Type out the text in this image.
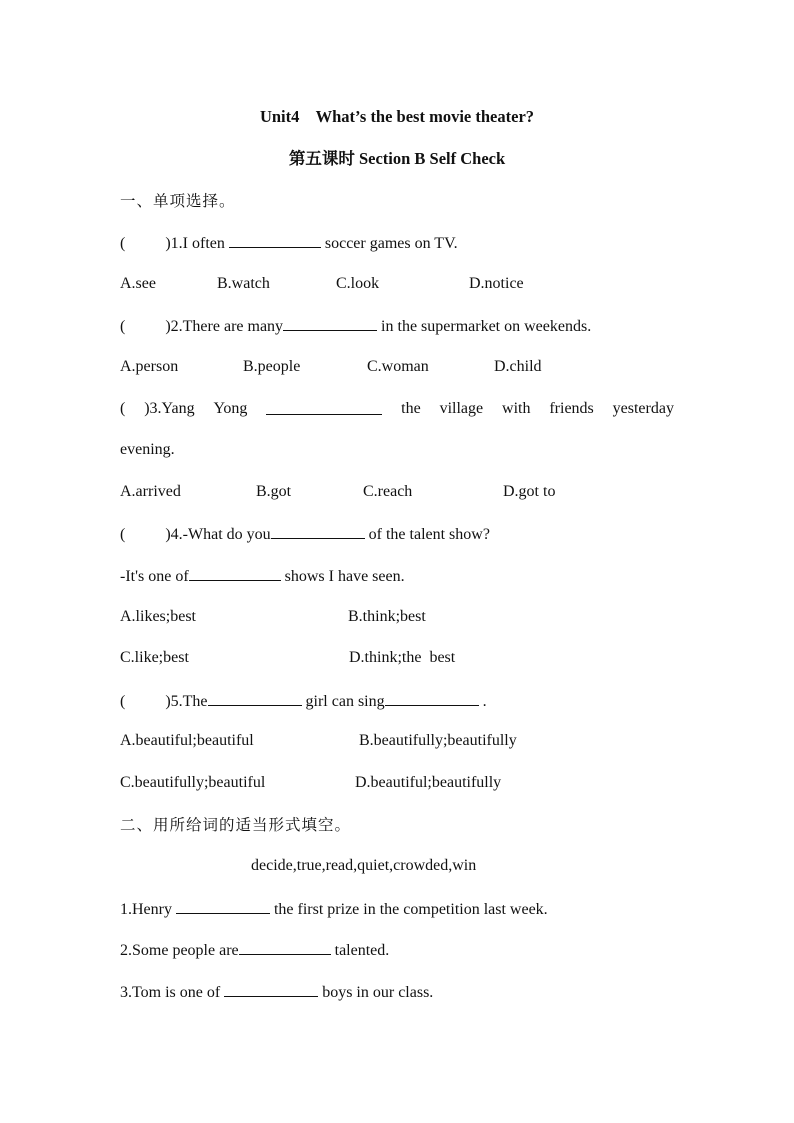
Unit4    What’s the best movie theater?
第五课时 Section B Self Check
一、单项选择。
(          )1.I often	soccer games on TV.
A.see	B.watch	C.look	D.notice
(          )2.There are many	in the supermarket on weekends.
A.person	B.people	C.woman	D.child
( )3.Yang Yong	the village with friends yesterday
evening.
A.arrived	B.got	C.reach	D.got to
(          )4.-What do you	of the talent show?
-It's one of	shows I have seen.
A.likes;best	B.think;best
C.like;best	D.think;the  best
(          )5.The	girl can sing	.
A.beautiful;beautiful	B.beautifully;beautifully
C.beautifully;beautiful	D.beautiful;beautifully
二、用所给词的适当形式填空。
decide,true,read,quiet,crowded,win
1.Henry	the first prize in the competition last week.
2.Some people are	talented.
3.Tom is one of	boys in our class.
